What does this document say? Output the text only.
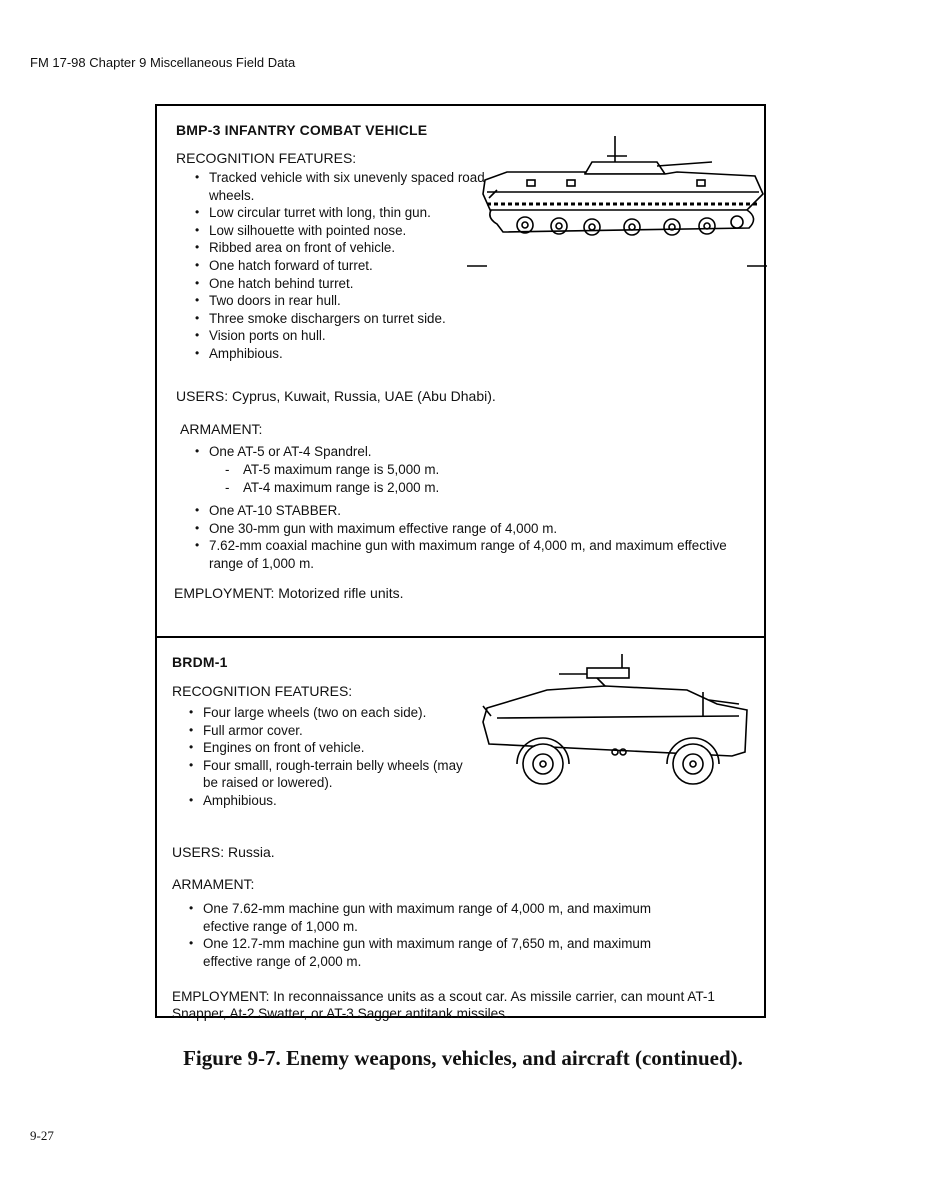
FM 17-98 Chapter 9 Miscellaneous Field Data
BMP-3 INFANTRY COMBAT VEHICLE
RECOGNITION FEATURES:
• Tracked vehicle with six unevenly spaced road wheels.
• Low circular turret with long, thin gun.
• Low silhouette with pointed nose.
• Ribbed area on front of vehicle.
• One hatch forward of turret.
• One hatch behind turret.
• Two doors in rear hull.
• Three smoke dischargers on turret side.
• Vision ports on hull.
• Amphibious.
USERS: Cyprus, Kuwait, Russia, UAE (Abu Dhabi).
ARMAMENT:
• One AT-5 or AT-4 Spandrel.
- AT-5 maximum range is 5,000 m.
- AT-4 maximum range is 2,000 m.
• One AT-10 STABBER.
• One 30-mm gun with maximum effective range of 4,000 m.
• 7.62-mm coaxial machine gun with maximum range of 4,000 m, and maximum effective range of 1,000 m.
EMPLOYMENT: Motorized rifle units.
BRDM-1
RECOGNITION FEATURES:
• Four large wheels (two on each side).
• Full armor cover.
• Engines on front of vehicle.
• Four smalll, rough-terrain belly wheels (may be raised or lowered).
• Amphibious.
USERS: Russia.
ARMAMENT:
• One 7.62-mm machine gun with maximum range of 4,000 m, and maximum efective range of 1,000 m.
• One 12.7-mm machine gun with maximum range of 7,650 m, and maximum effective range of 2,000 m.
EMPLOYMENT: In reconnaissance units as a scout car. As missile carrier, can mount AT-1 Snapper, At-2 Swatter, or AT-3 Sagger antitank missiles.
Figure 9-7. Enemy weapons, vehicles, and aircraft (continued).
9-27
